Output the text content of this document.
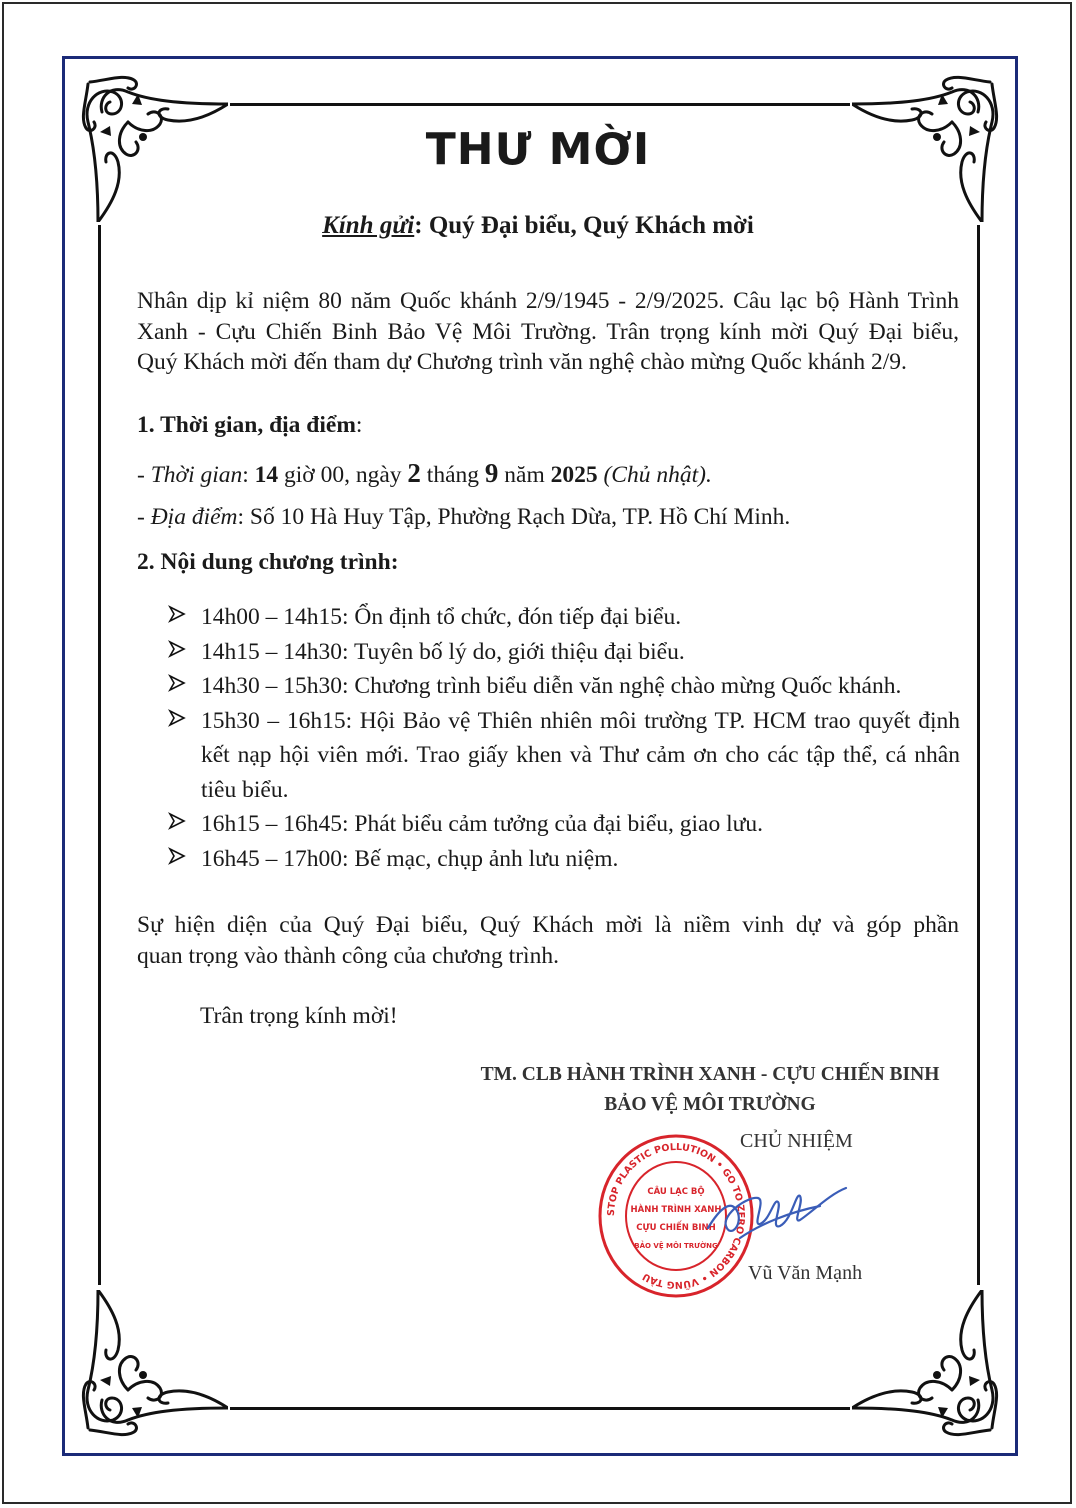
THƯ MỜI
Kính gửi: Quý Đại biểu, Quý Khách mời
Nhân dịp kỉ niệm 80 năm Quốc khánh 2/9/1945 - 2/9/2025. Câu lạc bộ Hành Trình
Xanh - Cựu Chiến Binh Bảo Vệ Môi Trường. Trân trọng kính mời Quý Đại biểu,
Quý Khách mời đến tham dự Chương trình văn nghệ chào mừng Quốc khánh 2/9.
1. Thời gian, địa điểm:
- Thời gian: 14 giờ 00, ngày 2 tháng 9 năm 2025 (Chủ nhật).
- Địa điểm: Số 10 Hà Huy Tập, Phường Rạch Dừa, TP. Hồ Chí Minh.
2. Nội dung chương trình:
14h00 – 14h15: Ổn định tổ chức, đón tiếp đại biểu.
14h15 – 14h30: Tuyên bố lý do, giới thiệu đại biểu.
14h30 – 15h30: Chương trình biểu diễn văn nghệ chào mừng Quốc khánh.
15h30 – 16h15: Hội Bảo vệ Thiên nhiên môi trường TP. HCM trao quyết định kết nạp hội viên mới. Trao giấy khen và Thư cảm ơn cho các tập thể, cá nhân tiêu biểu.
16h15 – 16h45: Phát biểu cảm tưởng của đại biểu, giao lưu.
16h45 – 17h00: Bế mạc, chụp ảnh lưu niệm.
Sự hiện diện của Quý Đại biểu, Quý Khách mời là niềm vinh dự và góp phần
quan trọng vào thành công của chương trình.
Trân trọng kính mời!
TM. CLB HÀNH TRÌNH XANH - CỰU CHIẾN BINH
BẢO VỆ MÔI TRƯỜNG
CHỦ NHIỆM
Vũ Văn Mạnh
STOP PLASTIC POLLUTION • GO TO ZERO CARBON • VŨNG TÀU
CÂU LẠC BỘ
HÀNH TRÌNH XANH
CỰU CHIẾN BINH
BẢO VỆ MÔI TRƯỜNG
